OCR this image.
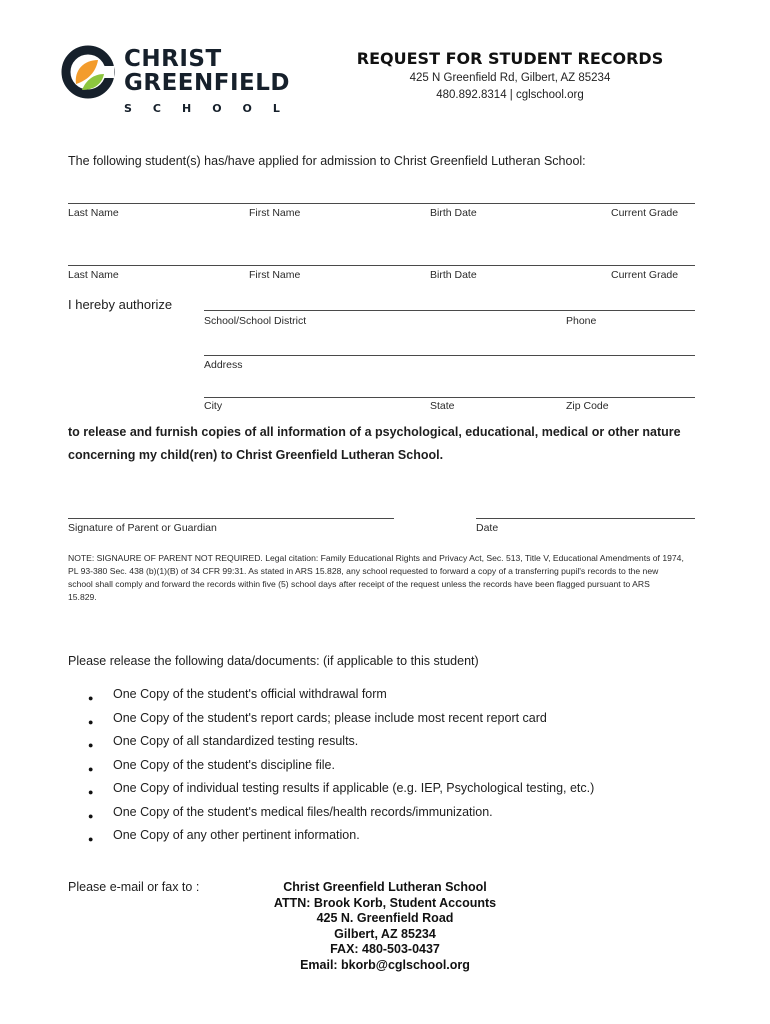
CHRIST
GREENFIELD
SCHOOL
REQUEST FOR STUDENT RECORDS
425 N Greenfield Rd, Gilbert, AZ 85234
480.892.8314 | cglschool.org
The following student(s) has/have applied for admission to Christ Greenfield Lutheran School:
Last Name	First Name	Birth Date	Current Grade
Last Name	First Name	Birth Date	Current Grade
I hereby authorize
School/School District	Phone
Address
City	State	Zip Code
to release and furnish copies of all information of a psychological, educational, medical or other nature
concerning my child(ren) to Christ Greenfield Lutheran School.
Signature of Parent or Guardian	Date
NOTE: SIGNAURE OF PARENT NOT REQUIRED. Legal citation: Family Educational Rights and Privacy Act, Sec. 513, Title V, Educational Amendments of 1974,
PL 93-380 Sec. 438 (b)(1)(B) of 34 CFR 99:31. As stated in ARS 15.828, any school requested to forward a copy of a transferring pupil's records to the new
school shall comply and forward the records within five (5) school days after receipt of the request unless the records have been flagged pursuant to ARS
15.829.
Please release the following data/documents: (if applicable to this student)
● One Copy of the student's official withdrawal form
● One Copy of the student's report cards; please include most recent report card
● One Copy of all standardized testing results.
● One Copy of the student's discipline file.
● One Copy of individual testing results if applicable (e.g. IEP, Psychological testing, etc.)
● One Copy of the student's medical files/health records/immunization.
● One Copy of any other pertinent information.
Please e-mail or fax to :	Christ Greenfield Lutheran School
ATTN: Brook Korb, Student Accounts
425 N. Greenfield Road
Gilbert, AZ 85234
FAX: 480-503-0437
Email: bkorb@cglschool.org
